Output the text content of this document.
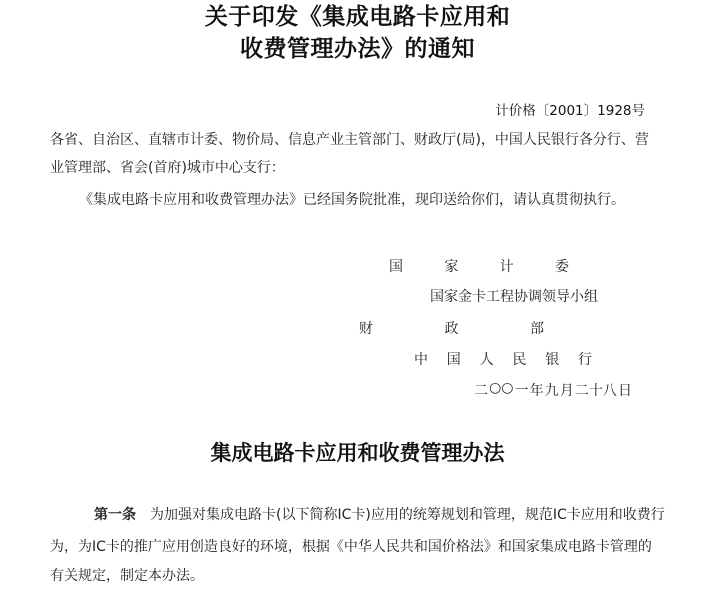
关于印发《集成电路卡应用和
收费管理办法》的通知
计价格〔2001〕1928号
各省、自治区、直辖市计委、物价局、信息产业主管部门、财政厅(局)，中国人民银行各分行、营
业管理部、省会(首府)城市中心支行：
《集成电路卡应用和收费管理办法》已经国务院批准，现印送给你们，请认真贯彻执行。
国	家	计	委
国家金卡工程协调领导小组
财	政	部
中 国 人 民 银 行
二 ○○ 一 年 九 月 二十八 日
集成电路卡应用和收费管理办法
第一条 为加强对集成电路卡(以下简称IC卡)应用的统筹规划和管理，规范IC卡应用和收费行
为，为IC卡的推广应用创造良好的环境，根据《中华人民共和国价格法》和国家集成电路卡管理的
有关规定，制定本办法。
